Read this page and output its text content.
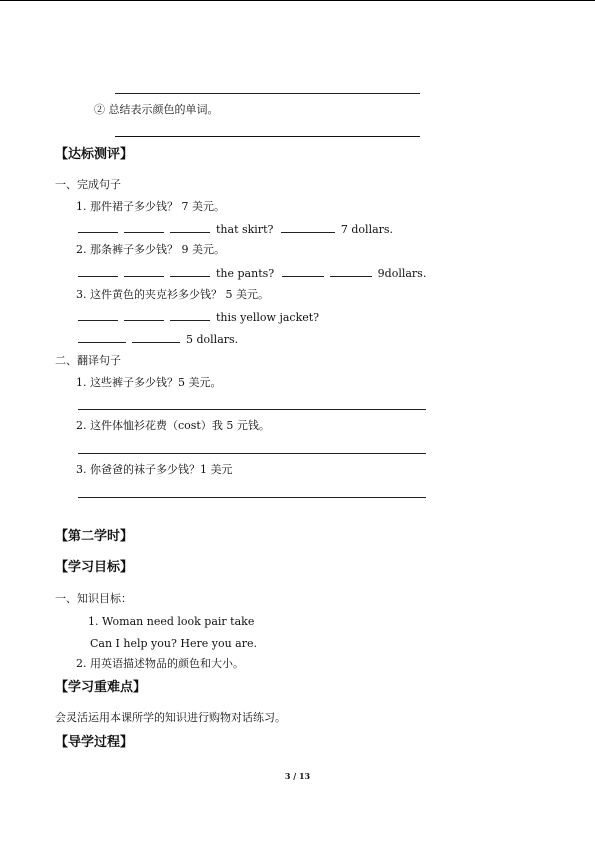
② 总结表示颜色的单词。
【达标测评】
一、完成句子
1. 那件裙子多少钱？ 7 美元。
that skirt?	7 dollars.
2. 那条裤子多少钱？ 9 美元。
the pants?	9dollars.
3. 这件黄色的夹克衫多少钱？ 5 美元。
this yellow jacket?
5 dollars.
二、翻译句子
1. 这些裤子多少钱？5 美元。
2. 这件体恤衫花费（cost）我 5 元钱。
3. 你爸爸的袜子多少钱？1 美元
【第二学时】
【学习目标】
一、知识目标：
1. Woman need look pair take
Can I help you? Here you are.
2. 用英语描述物品的颜色和大小。
【学习重难点】
会灵活运用本课所学的知识进行购物对话练习。
【导学过程】
3 / 13
